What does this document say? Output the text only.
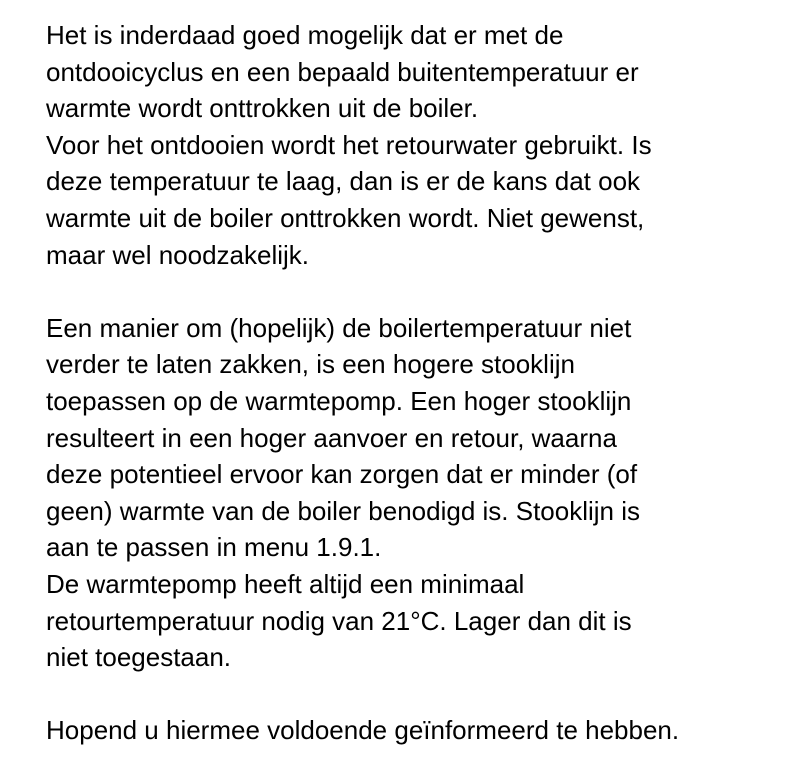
Het is inderdaad goed mogelijk dat er met de
ontdooicyclus en een bepaald buitentemperatuur er
warmte wordt onttrokken uit de boiler.
Voor het ontdooien wordt het retourwater gebruikt. Is
deze temperatuur te laag, dan is er de kans dat ook
warmte uit de boiler onttrokken wordt. Niet gewenst,
maar wel noodzakelijk.
Een manier om (hopelijk) de boilertemperatuur niet
verder te laten zakken, is een hogere stooklijn
toepassen op de warmtepomp. Een hoger stooklijn
resulteert in een hoger aanvoer en retour, waarna
deze potentieel ervoor kan zorgen dat er minder (of
geen) warmte van de boiler benodigd is. Stooklijn is
aan te passen in menu 1.9.1.
De warmtepomp heeft altijd een minimaal
retourtemperatuur nodig van 21°C. Lager dan dit is
niet toegestaan.
Hopend u hiermee voldoende geïnformeerd te hebben.
